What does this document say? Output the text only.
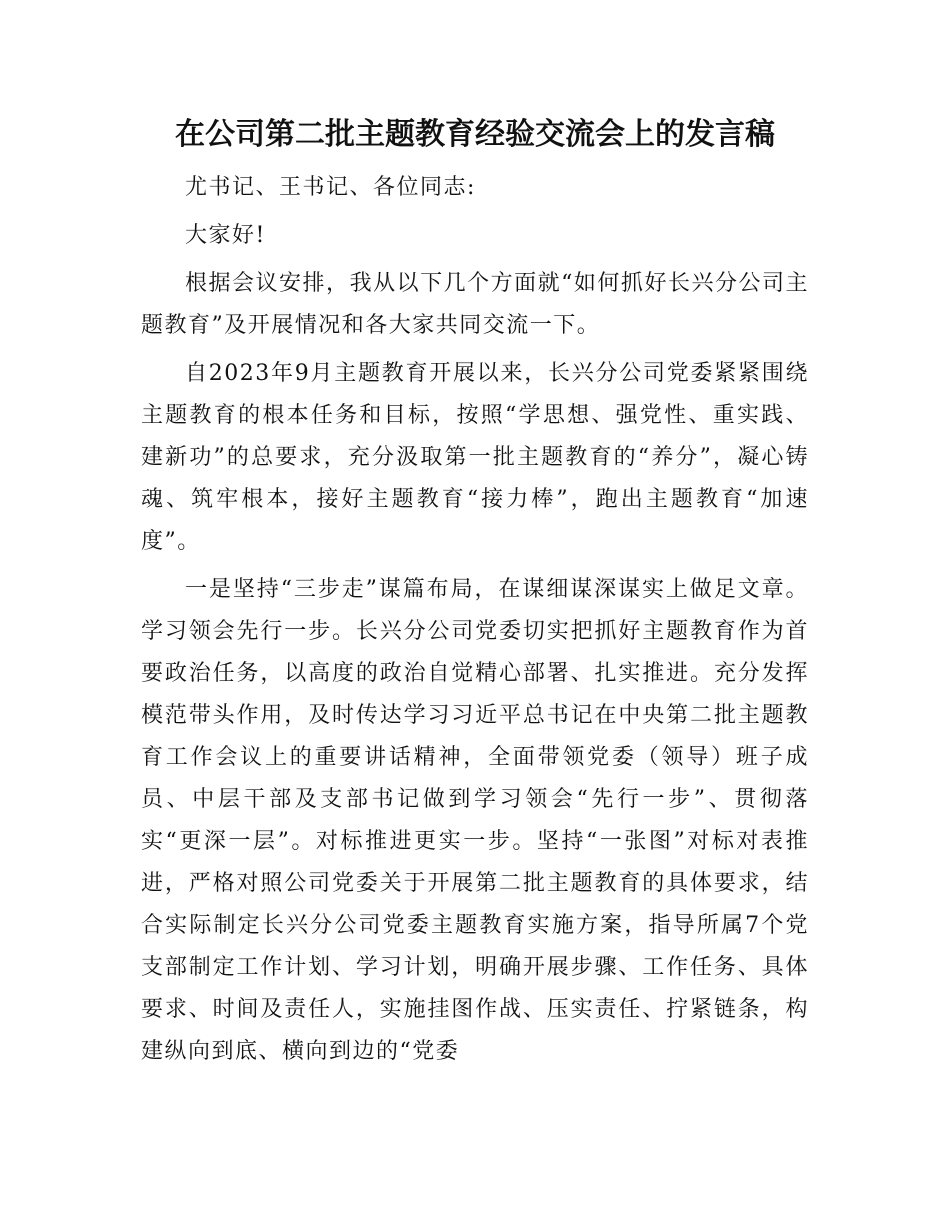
在公司第二批主题教育经验交流会上的发言稿

尤书记、王书记、各位同志:

大家好!

根据会议安排，我从以下几个方面就“如何抓好长兴分公司主题教育”及开展情况和各大家共同交流一下。

自2023年9月主题教育开展以来，长兴分公司党委紧紧围绕主题教育的根本任务和目标，按照“学思想、强党性、重实践、建新功”的总要求，充分汲取第一批主题教育的“养分”，凝心铸魂、筑牢根本，接好主题教育“接力棒”，跑出主题教育“加速度”。

一是坚持“三步走”谋篇布局，在谋细谋深谋实上做足文章。学习领会先行一步。长兴分公司党委切实把抓好主题教育作为首要政治任务，以高度的政治自觉精心部署、扎实推进。充分发挥模范带头作用，及时传达学习习近平总书记在中央第二批主题教育工作会议上的重要讲话精神，全面带领党委（领导）班子成员、中层干部及支部书记做到学习领会“先行一步”、贯彻落实“更深一层”。对标推进更实一步。坚持“一张图”对标对表推进，严格对照公司党委关于开展第二批主题教育的具体要求，结合实际制定长兴分公司党委主题教育实施方案，指导所属7个党支部制定工作计划、学习计划，明确开展步骤、工作任务、具体要求、时间及责任人，实施挂图作战、压实责任、拧紧链条，构建纵向到底、横向到边的“党委
